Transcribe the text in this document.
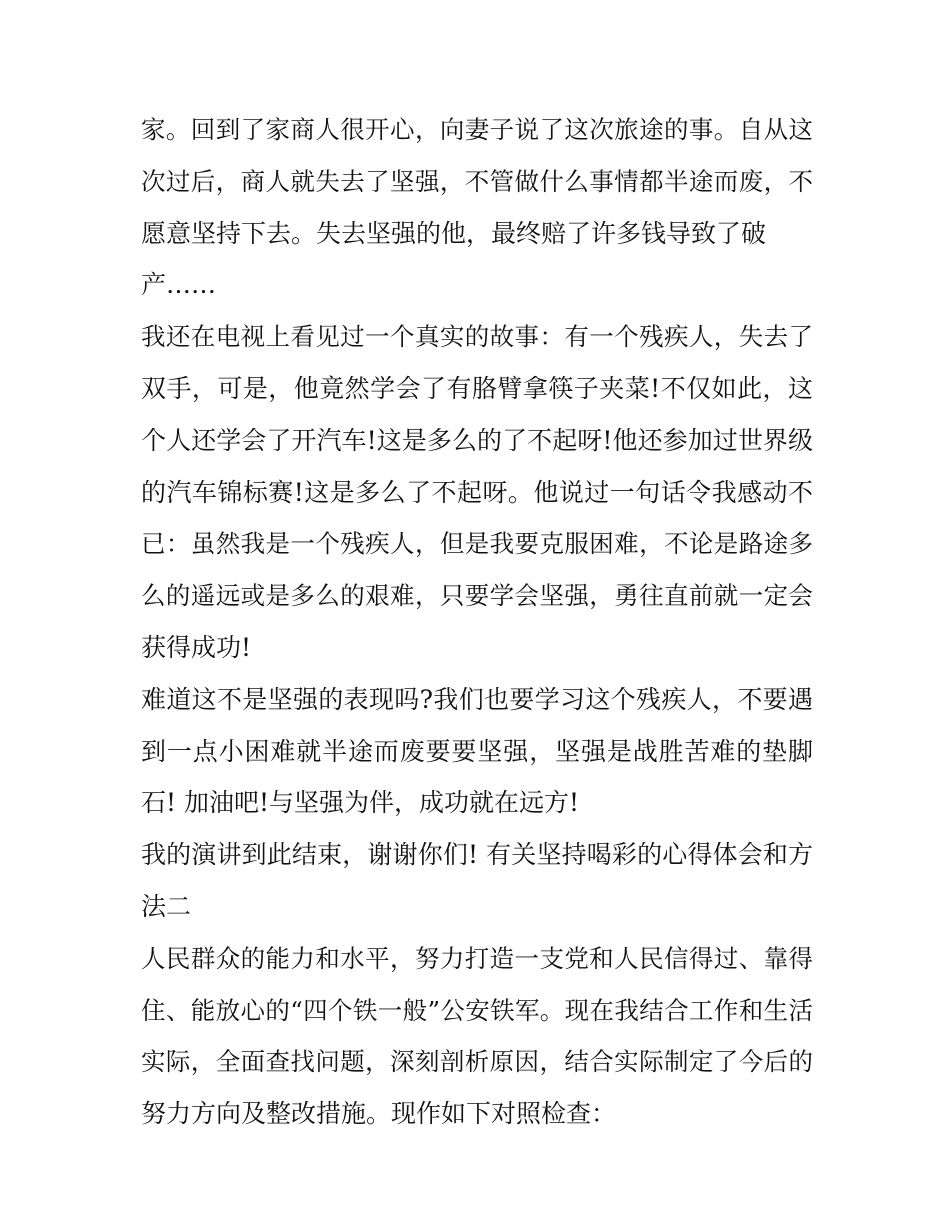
家。回到了家商人很开心，向妻子说了这次旅途的事。自从这
次过后，商人就失去了坚强，不管做什么事情都半途而废，不
愿意坚持下去。失去坚强的他，最终赔了许多钱导致了破
产……
我还在电视上看见过一个真实的故事：有一个残疾人，失去了
双手，可是，他竟然学会了有胳臂拿筷子夹菜!不仅如此，这
个人还学会了开汽车!这是多么的了不起呀!他还参加过世界级
的汽车锦标赛!这是多么了不起呀。他说过一句话令我感动不
已：虽然我是一个残疾人，但是我要克服困难，不论是路途多
么的遥远或是多么的艰难，只要学会坚强，勇往直前就一定会
获得成功!
难道这不是坚强的表现吗?我们也要学习这个残疾人，不要遇
到一点小困难就半途而废要要坚强，坚强是战胜苦难的垫脚
石! 加油吧!与坚强为伴，成功就在远方!
我的演讲到此结束，谢谢你们! 有关坚持喝彩的心得体会和方
法二
人民群众的能力和水平，努力打造一支党和人民信得过、靠得
住、能放心的“四个铁一般”公安铁军。现在我结合工作和生活
实际，全面查找问题，深刻剖析原因，结合实际制定了今后的
努力方向及整改措施。现作如下对照检查：
